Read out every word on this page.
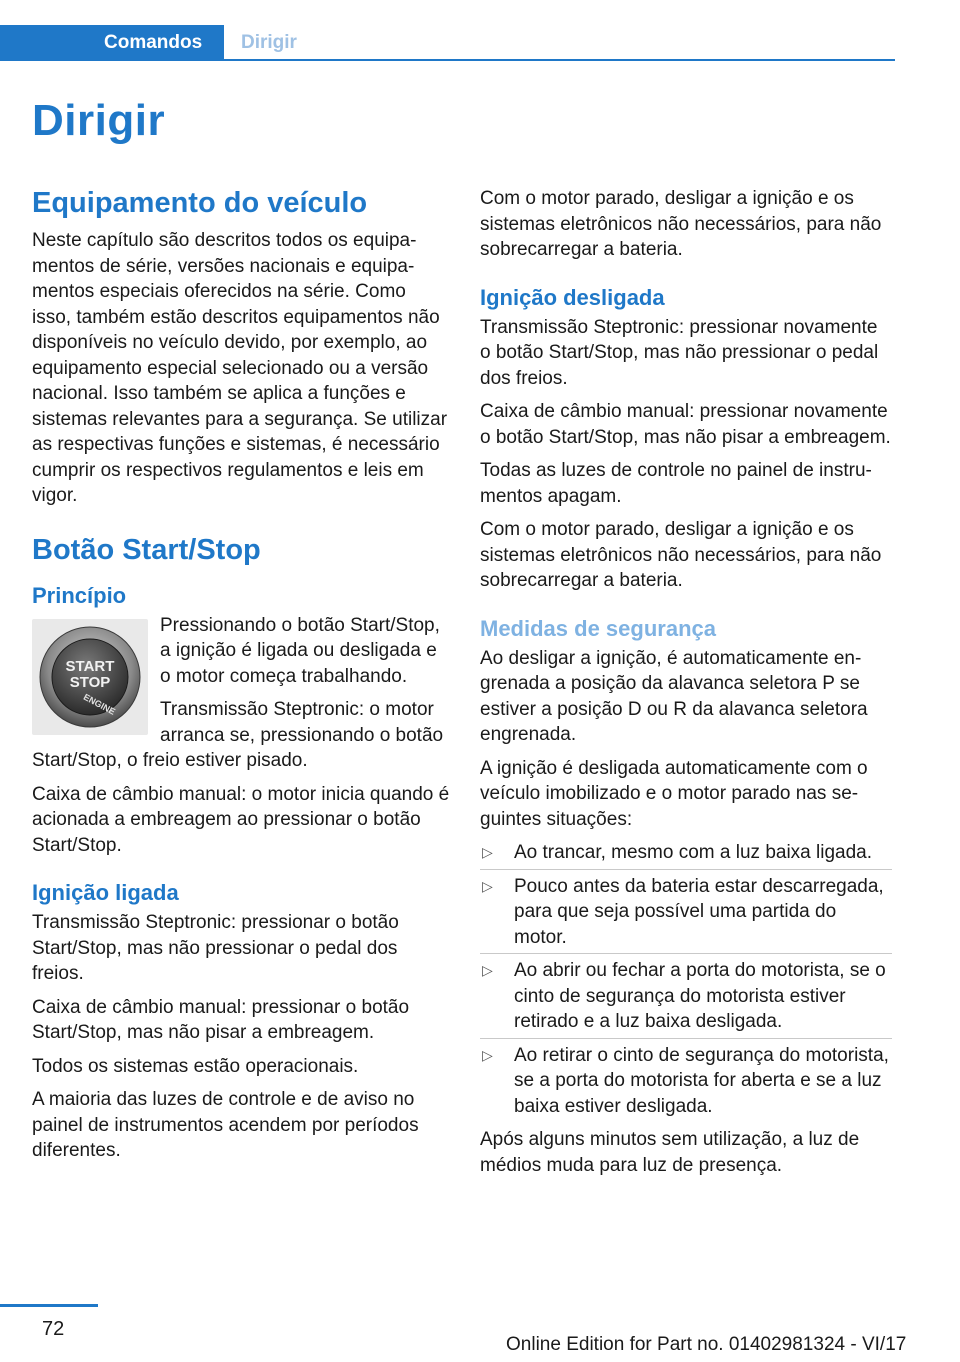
Comandos	Dirigir
Dirigir
Equipamento do veículo

Neste capítulo são descritos todos os equipamentos de série, versões nacionais e equipamentos especiais oferecidos na série. Como isso, também estão descritos equipamentos não disponíveis no veículo devido, por exemplo, ao equipamento especial selecionado ou a versão nacional. Isso também se aplica a funções e sistemas relevantes para a segurança. Se utilizar as respectivas funções e sistemas, é necessário cumprir os respectivos regulamentos e leis em vigor.

Botão Start/Stop
Princípio
START
STOP
ENGINE

Pressionando o botão Start/Stop, a ignição é ligada ou desligada e o motor começa trabalhando.

Transmissão Steptronic: o motor arranca se, pressionando o botão Start/Stop, o freio estiver pisado.

Caixa de câmbio manual: o motor inicia quando é acionada a embreagem ao pressionar o botão Start/Stop.

Ignição ligada

Transmissão Steptronic: pressionar o botão Start/Stop, mas não pressionar o pedal dos freios.

Caixa de câmbio manual: pressionar o botão Start/Stop, mas não pisar a embreagem.

Todos os sistemas estão operacionais.

A maioria das luzes de controle e de aviso no painel de instrumentos acendem por períodos diferentes.

Com o motor parado, desligar a ignição e os sistemas eletrônicos não necessários, para não sobrecarregar a bateria.

Ignição desligada

Transmissão Steptronic: pressionar novamente o botão Start/Stop, mas não pressionar o pedal dos freios.

Caixa de câmbio manual: pressionar novamente o botão Start/Stop, mas não pisar a embreagem.

Todas as luzes de controle no painel de instrumentos apagam.

Com o motor parado, desligar a ignição e os sistemas eletrônicos não necessários, para não sobrecarregar a bateria.

Medidas de segurança

Ao desligar a ignição, é automaticamente engrenada a posição da alavanca seletora P se estiver a posição D ou R da alavanca seletora engrenada.

A ignição é desligada automaticamente com o veículo imobilizado e o motor parado nas seguintes situações:

▷ Ao trancar, mesmo com a luz baixa ligada.
▷ Pouco antes da bateria estar descarregada, para que seja possível uma partida do motor.
▷ Ao abrir ou fechar a porta do motorista, se o cinto de segurança do motorista estiver retirado e a luz baixa desligada.
▷ Ao retirar o cinto de segurança do motorista, se a porta do motorista for aberta e se a luz baixa estiver desligada.

Após alguns minutos sem utilização, a luz de médios muda para luz de presença.

72
Online Edition for Part no. 01402981324 - VI/17
